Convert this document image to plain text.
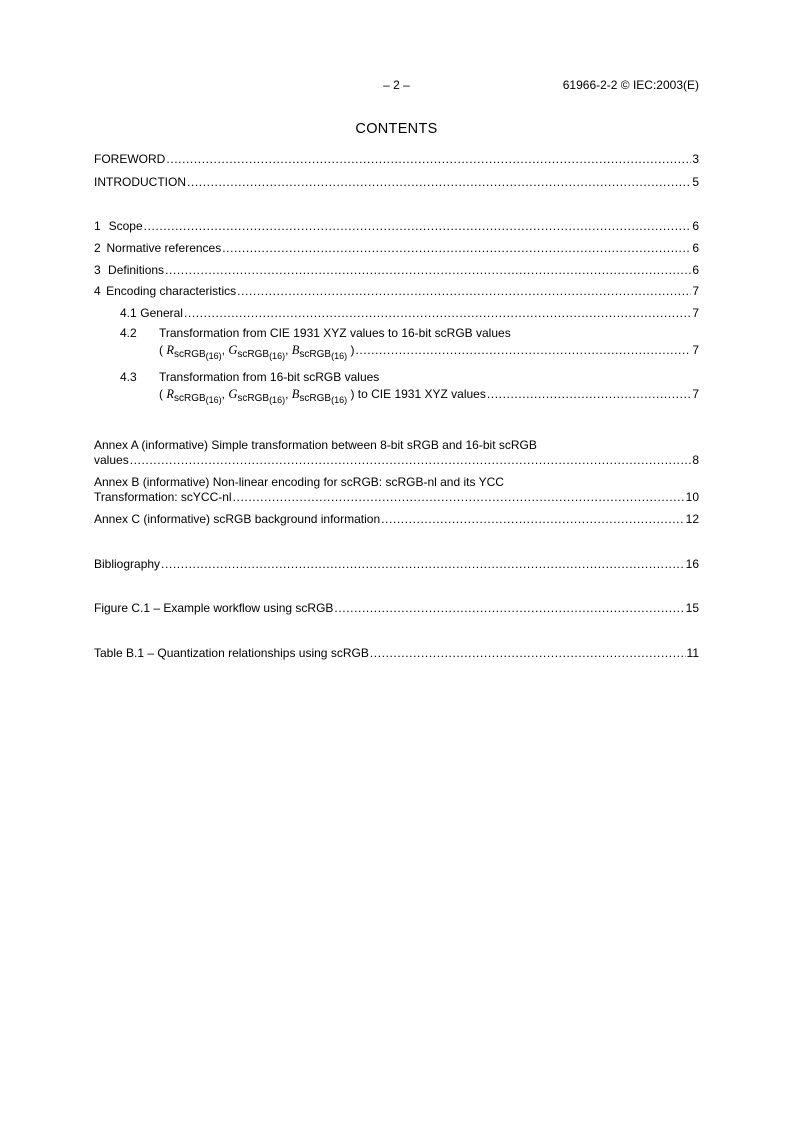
– 2 –	61966-2-2 © IEC:2003(E)
CONTENTS
FOREWORD .....	3
INTRODUCTION .....	5
1 Scope .....	6
2 Normative references .....	6
3 Definitions .....	6
4 Encoding characteristics .....	7
4.1 General .....	7
4.2 Transformation from CIE 1931 XYZ values to 16-bit scRGB values
( $R_{scRGB(16)}$, $G_{scRGB(16)}$, $B_{scRGB(16)}$ ) .....	7
4.3 Transformation from 16-bit scRGB values
( $R_{scRGB(16)}$, $G_{scRGB(16)}$, $B_{scRGB(16)}$ ) to CIE 1931 XYZ values .....	7
Annex A (informative) Simple transformation between 8-bit sRGB and 16-bit scRGB
values .....	8
Annex B (informative) Non-linear encoding for scRGB: scRGB-nl and its YCC
Transformation: scYCC-nl .....	10
Annex C (informative) scRGB background information .....	12
Bibliography .....	16
Figure C.1 – Example workflow using scRGB .....	15
Table B.1 – Quantization relationships using scRGB .....	11
